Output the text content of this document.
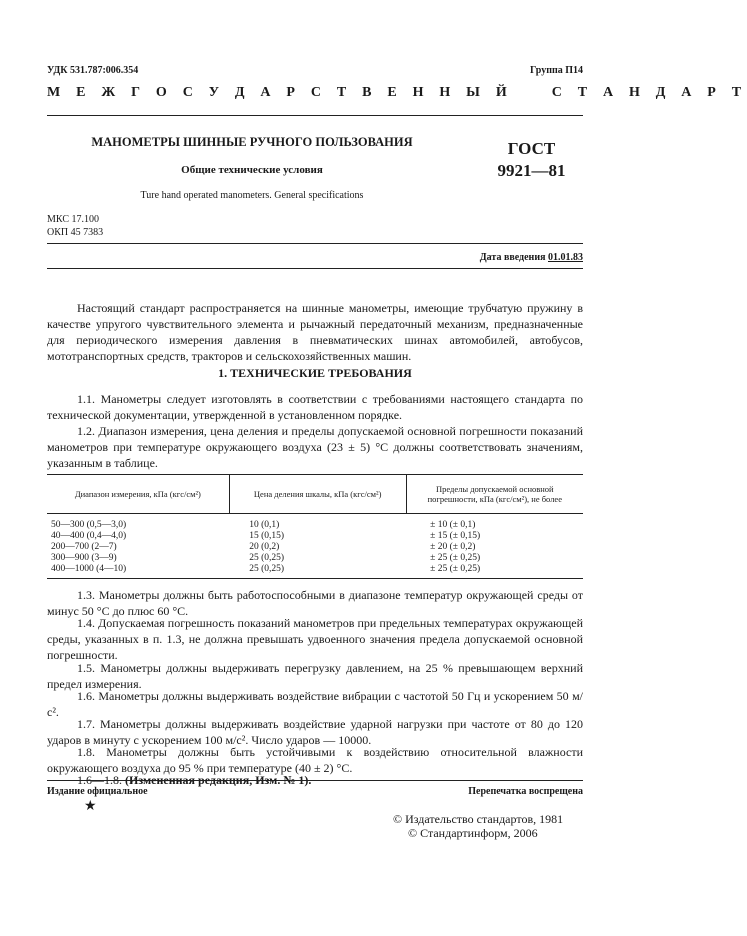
УДК 531.787:006.354	Группа П14
М Е Ж Г О С У Д А Р С Т В Е Н Н Ы Й    С Т А Н Д А Р Т
МАНОМЕТРЫ ШИННЫЕ РУЧНОГО ПОЛЬЗОВАНИЯ
Общие технические условия
Ture hand operated manometers. General specifications
ГОСТ
9921—81
МКС 17.100
ОКП 45 7383
Дата введения 01.01.83

Настоящий стандарт распространяется на шинные манометры, имеющие трубчатую пружину в качестве упругого чувствительного элемента и рычажный передаточный механизм, предназначенные для периодического измерения давления в пневматических шинах автомобилей, автобусов, мототранспортных средств, тракторов и сельскохозяйственных машин.

1. ТЕХНИЧЕСКИЕ ТРЕБОВАНИЯ

1.1. Манометры следует изготовлять в соответствии с требованиями настоящего стандарта по технической документации, утвержденной в установленном порядке.

1.2. Диапазон измерения, цена деления и пределы допускаемой основной погрешности показаний манометров при температуре окружающего воздуха (23 ± 5) °С должны соответствовать значениям, указанным в таблице.

Диапазон измерения, кПа (кгс/см²)	Цена деления шкалы, кПа (кгс/см²)	Пределы допускаемой основной погрешности, кПа (кгс/см²), не более
50—300 (0,5—3,0)	10 (0,1)	± 10 (± 0,1)
40—400 (0,4—4,0)	15 (0,15)	± 15 (± 0,15)
200—700 (2—7)	20 (0,2)	± 20 (± 0,2)
300—900 (3—9)	25 (0,25)	± 25 (± 0,25)
400—1000 (4—10)	25 (0,25)	± 25 (± 0,25)

1.3. Манометры должны быть работоспособными в диапазоне температур окружающей среды от минус 50 °С до плюс 60 °С.

1.4. Допускаемая погрешность показаний манометров при предельных температурах окружающей среды, указанных в п. 1.3, не должна превышать удвоенного значения предела допускаемой основной погрешности.

1.5. Манометры должны выдерживать перегрузку давлением, на 25 % превышающем верхний предел измерения.

1.6. Манометры должны выдерживать воздействие вибрации с частотой 50 Гц и ускорением 50 м/с².

1.7. Манометры должны выдерживать воздействие ударной нагрузки при частоте от 80 до 120 ударов в минуту с ускорением 100 м/с². Число ударов — 10000.

1.8. Манометры должны быть устойчивыми к воздействию относительной влажности окружающего воздуха до 95 % при температуре (40 ± 2) °С.

1.6—1.8. (Измененная редакция, Изм. № 1).

Издание официальное	Перепечатка воспрещена
★
© Издательство стандартов, 1981
© Стандартинформ, 2006
